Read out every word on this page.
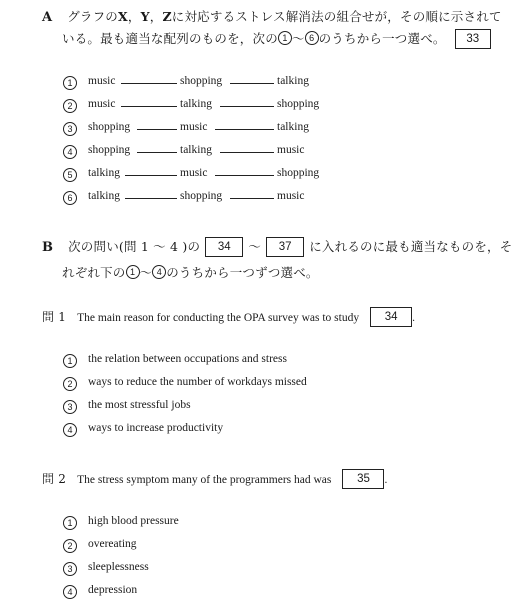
A グラフのX，Y，Zに対応するストレス解消法の組合せが，その順に示されて
いる。最も適当な配列のものを，次の 1 ～ 6 のうちから一つ選べ。 33
1	music	shopping	talking
2	music	talking	shopping
3	shopping	music	talking
4	shopping	talking	music
5	talking	music	shopping
6	talking	shopping	music
B 次の問い(問 1 ～ 4 )の 34 ～ 37 に入れるのに最も適当なものを，そ
れぞれ下の 1 ～ 4 のうちから一つずつ選べ。
問 1 The main reason for conducting the OPA survey was to study 34 .
1	the relation between occupations and stress
2	ways to reduce the number of workdays missed
3	the most stressful jobs
4	ways to increase productivity
問 2 The stress symptom many of the programmers had was 35 .
1	high blood pressure
2	overeating
3	sleeplessness
4	depression
